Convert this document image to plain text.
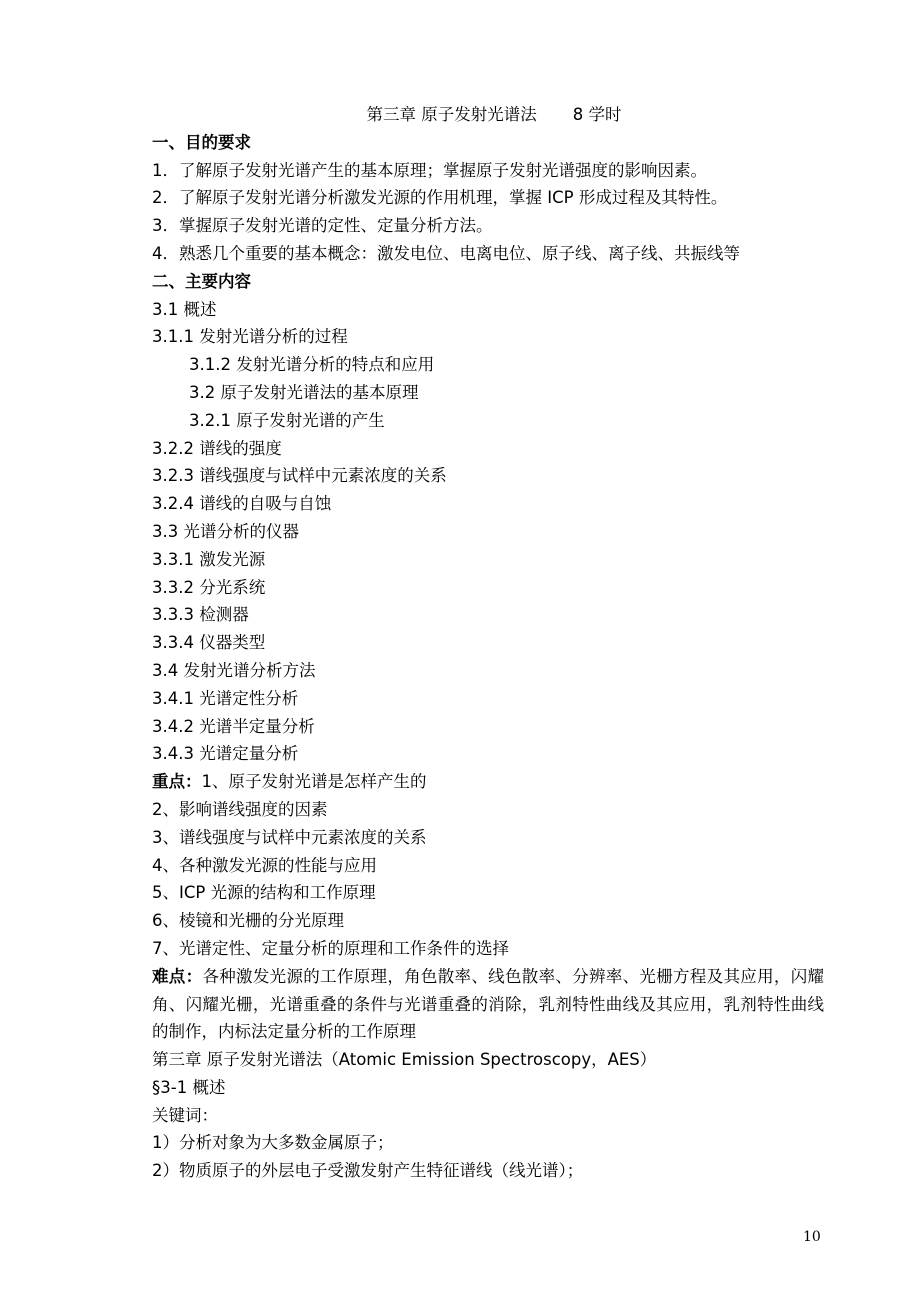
第三章 原子发射光谱法 8 学时
一、目的要求
1．了解原子发射光谱产生的基本原理；掌握原子发射光谱强度的影响因素。
2．了解原子发射光谱分析激发光源的作用机理，掌握 ICP 形成过程及其特性。
3．掌握原子发射光谱的定性、定量分析方法。
4．熟悉几个重要的基本概念：激发电位、电离电位、原子线、离子线、共振线等
二、主要内容
3.1 概述
3.1.1 发射光谱分析的过程
3.1.2 发射光谱分析的特点和应用
3.2 原子发射光谱法的基本原理
3.2.1 原子发射光谱的产生
3.2.2 谱线的强度
3.2.3 谱线强度与试样中元素浓度的关系
3.2.4 谱线的自吸与自蚀
3.3 光谱分析的仪器
3.3.1 激发光源
3.3.2 分光系统
3.3.3 检测器
3.3.4 仪器类型
3.4 发射光谱分析方法
3.4.1 光谱定性分析
3.4.2 光谱半定量分析
3.4.3 光谱定量分析
重点：1、原子发射光谱是怎样产生的
2、影响谱线强度的因素
3、谱线强度与试样中元素浓度的关系
4、各种激发光源的性能与应用
5、ICP 光源的结构和工作原理
6、棱镜和光栅的分光原理
7、光谱定性、定量分析的原理和工作条件的选择
难点：各种激发光源的工作原理，角色散率、线色散率、分辨率、光栅方程及其应用，闪耀角、闪耀光栅，光谱重叠的条件与光谱重叠的消除，乳剂特性曲线及其应用，乳剂特性曲线的制作，内标法定量分析的工作原理
第三章 原子发射光谱法（Atomic Emission Spectroscopy，AES）
§3-1 概述
关键词：
1）分析对象为大多数金属原子；
2）物质原子的外层电子受激发射产生特征谱线（线光谱）；
10
